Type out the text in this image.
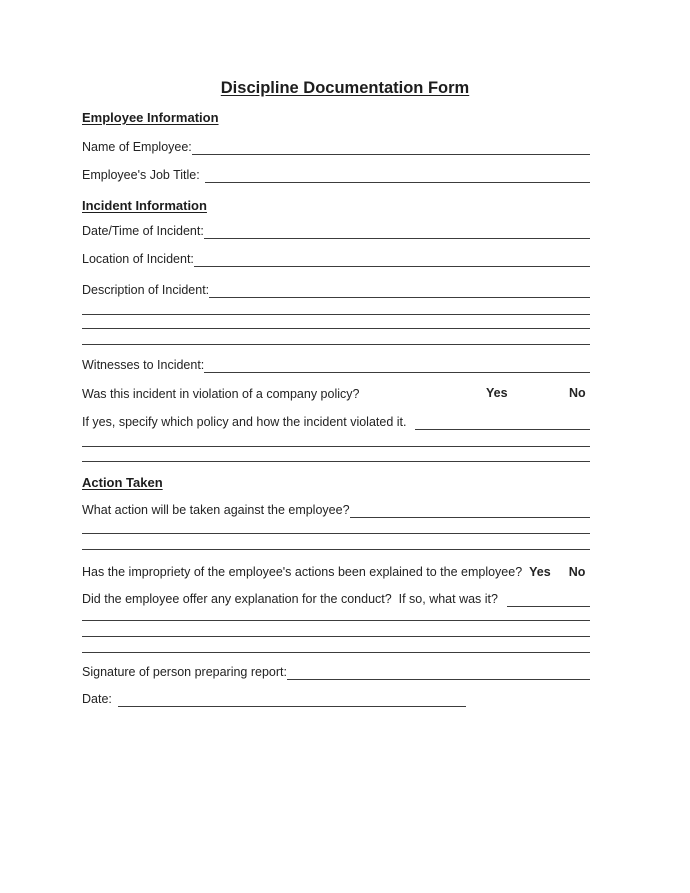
Discipline Documentation Form
Employee Information
Name of Employee:
Employee's Job Title:
Incident Information
Date/Time of Incident:
Location of Incident:
Description of Incident:
Witnesses to Incident:
Was this incident in violation of a company policy?	Yes	No
If yes, specify which policy and how the incident violated it.
Action Taken
What action will be taken against the employee?
Has the impropriety of the employee's actions been explained to the employee? Yes No
Did the employee offer any explanation for the conduct?  If so, what was it?
Signature of person preparing report:
Date:
